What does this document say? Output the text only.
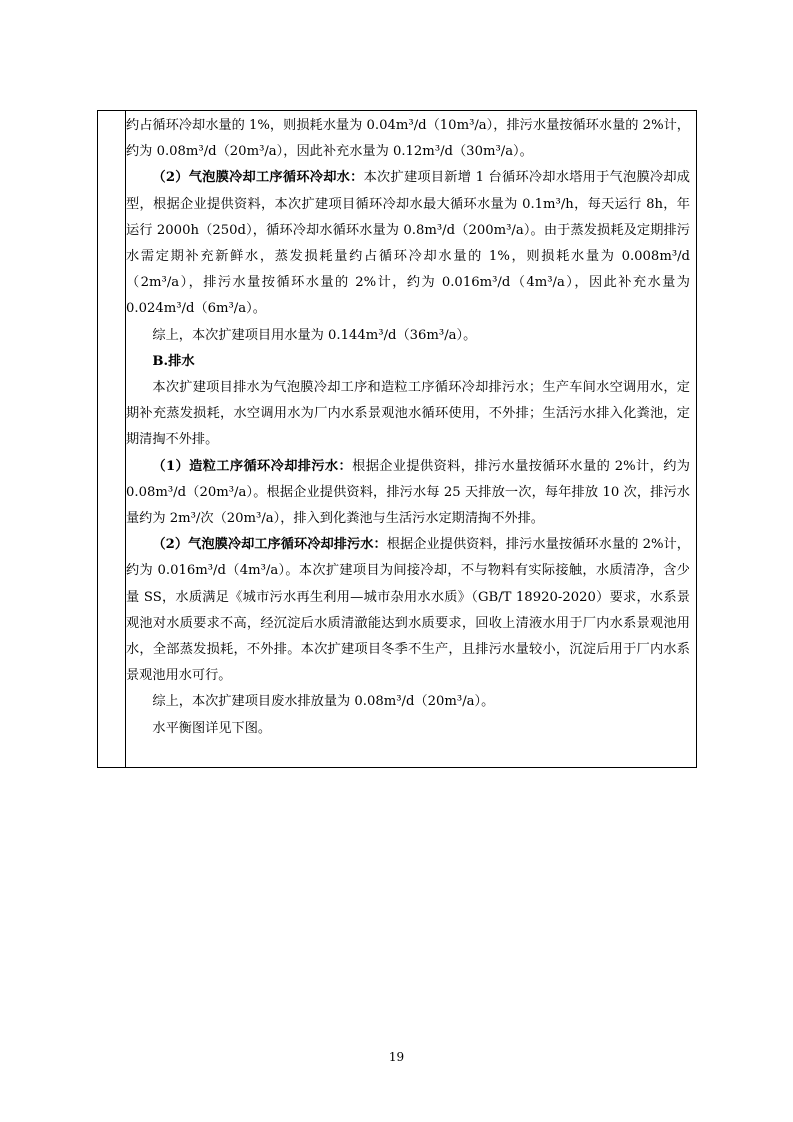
约占循环冷却水量的 1%，则损耗水量为 0.04m³/d（10m³/a），排污水量按循环水量的 2%计，约为 0.08m³/d（20m³/a），因此补充水量为 0.12m³/d（30m³/a）。

（2）气泡膜冷却工序循环冷却水：本次扩建项目新增 1 台循环冷却水塔用于气泡膜冷却成型，根据企业提供资料，本次扩建项目循环冷却水最大循环水量为 0.1m³/h，每天运行 8h，年运行 2000h（250d），循环冷却水循环水量为 0.8m³/d（200m³/a）。由于蒸发损耗及定期排污水需定期补充新鲜水，蒸发损耗量约占循环冷却水量的 1%，则损耗水量为 0.008m³/d（2m³/a），排污水量按循环水量的 2%计，约为 0.016m³/d（4m³/a），因此补充水量为 0.024m³/d（6m³/a）。

综上，本次扩建项目用水量为 0.144m³/d（36m³/a）。

B.排水

本次扩建项目排水为气泡膜冷却工序和造粒工序循环冷却排污水；生产车间水空调用水，定期补充蒸发损耗，水空调用水为厂内水系景观池水循环使用，不外排；生活污水排入化粪池，定期清掏不外排。

（1）造粒工序循环冷却排污水：根据企业提供资料，排污水量按循环水量的 2%计，约为 0.08m³/d（20m³/a）。根据企业提供资料，排污水每 25 天排放一次，每年排放 10 次，排污水量约为 2m³/次（20m³/a），排入到化粪池与生活污水定期清掏不外排。

（2）气泡膜冷却工序循环冷却排污水：根据企业提供资料，排污水量按循环水量的 2%计，约为 0.016m³/d（4m³/a）。本次扩建项目为间接冷却，不与物料有实际接触，水质清净，含少量 SS，水质满足《城市污水再生利用—城市杂用水水质》（GB/T 18920-2020）要求，水系景观池对水质要求不高，经沉淀后水质清澈能达到水质要求，回收上清液水用于厂内水系景观池用水，全部蒸发损耗，不外排。本次扩建项目冬季不生产，且排污水量较小，沉淀后用于厂内水系景观池用水可行。

综上，本次扩建项目废水排放量为 0.08m³/d（20m³/a）。

水平衡图详见下图。

19
